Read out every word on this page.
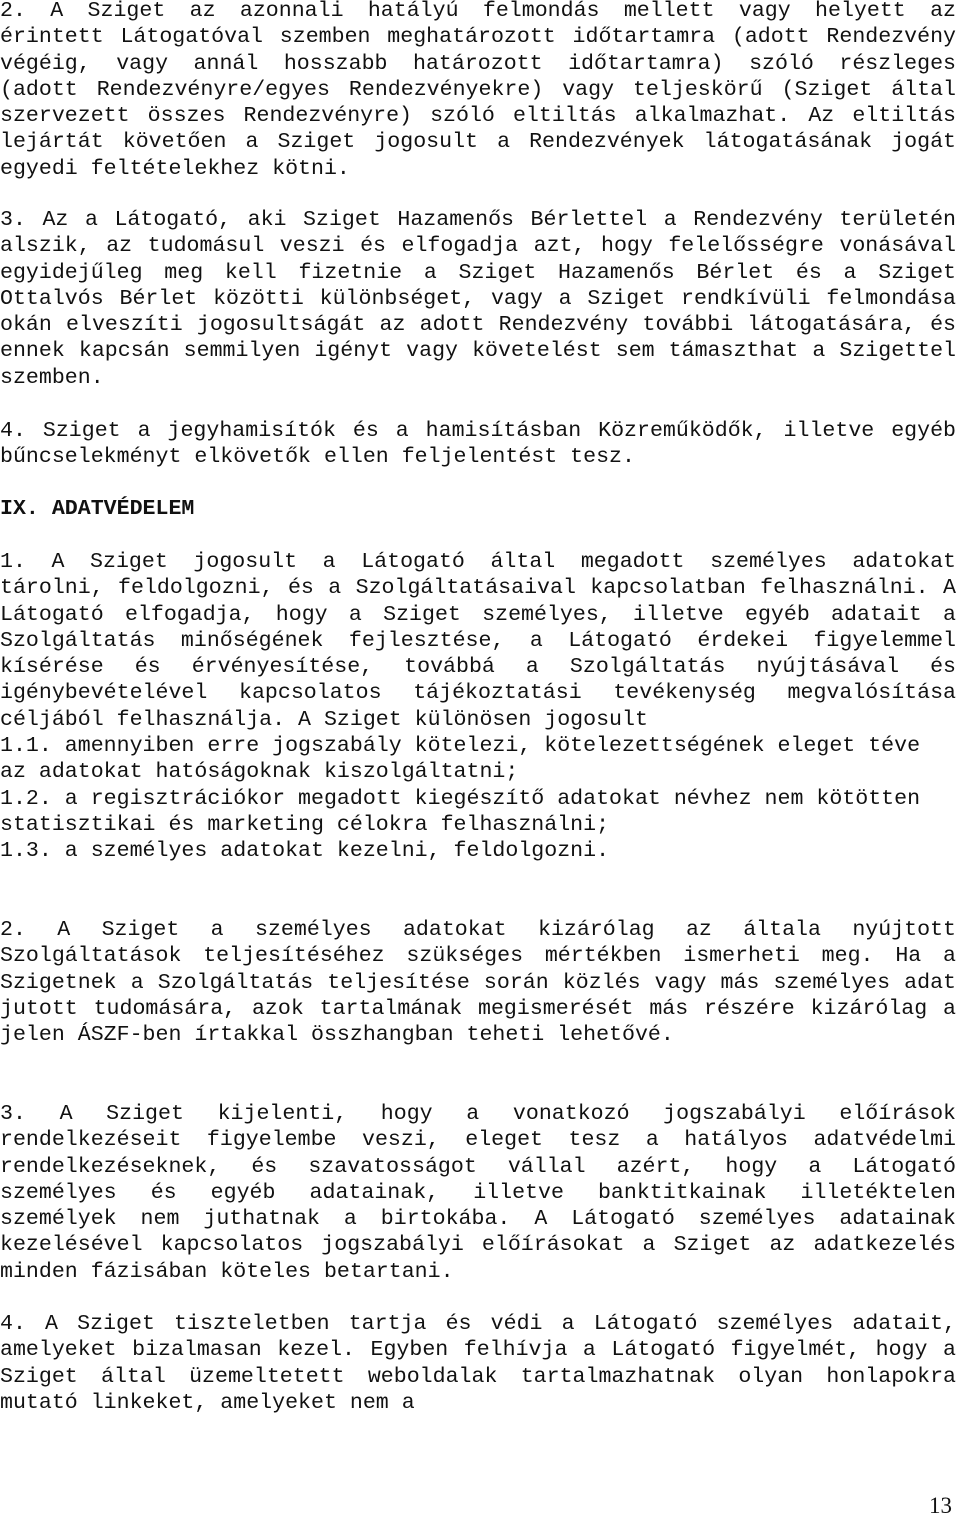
2. A Sziget az azonnali hatályú felmondás mellett vagy helyett az érintett Látogatóval szemben meghatározott időtartamra (adott Rendezvény végéig, vagy annál hosszabb határozott időtartamra) szóló részleges (adott Rendezvényre/egyes Rendezvényekre) vagy teljeskörű (Sziget által szervezett összes Rendezvényre) szóló eltiltás alkalmazhat. Az eltiltás lejártát követően a Sziget jogosult a Rendezvények látogatásának jogát egyedi feltételekhez kötni.

3. Az a Látogató, aki Sziget Hazamenős Bérlettel a Rendezvény területén alszik, az tudomásul veszi és elfogadja azt, hogy felelősségre vonásával egyidejűleg meg kell fizetnie a Sziget Hazamenős Bérlet és a Sziget Ottalvós Bérlet közötti különbséget, vagy a Sziget rendkívüli felmondása okán elveszíti jogosultságát az adott Rendezvény további látogatására, és ennek kapcsán semmilyen igényt vagy követelést sem támaszthat a Szigettel szemben.

4. Sziget a jegyhamisítók és a hamisításban Közreműködők, illetve egyéb bűncselekményt elkövetők ellen feljelentést tesz.

IX. ADATVÉDELEM

1. A Sziget jogosult a Látogató által megadott személyes adatokat tárolni, feldolgozni, és a Szolgáltatásaival kapcsolatban felhasználni. A Látogató elfogadja, hogy a Sziget személyes, illetve egyéb adatait a Szolgáltatás minőségének fejlesztése, a Látogató érdekei figyelemmel kísérése és érvényesítése, továbbá a Szolgáltatás nyújtásával és igénybevételével kapcsolatos tájékoztatási tevékenység megvalósítása céljából felhasználja. A Sziget különösen jogosult

1.1. amennyiben erre jogszabály kötelezi, kötelezettségének eleget téve az adatokat hatóságoknak kiszolgáltatni;

1.2. a regisztrációkor megadott kiegészítő adatokat névhez nem kötötten statisztikai és marketing célokra felhasználni;

1.3. a személyes adatokat kezelni, feldolgozni.

2. A Sziget a személyes adatokat kizárólag az általa nyújtott Szolgáltatások teljesítéséhez szükséges mértékben ismerheti meg. Ha a Szigetnek a Szolgáltatás teljesítése során közlés vagy más személyes adat jutott tudomására, azok tartalmának megismerését más részére kizárólag a jelen ÁSZF-ben írtakkal összhangban teheti lehetővé.

3. A Sziget kijelenti, hogy a vonatkozó jogszabályi előírások rendelkezéseit figyelembe veszi, eleget tesz a hatályos adatvédelmi rendelkezéseknek, és szavatosságot vállal azért, hogy a Látogató személyes és egyéb adatainak, illetve banktitkainak illetéktelen személyek nem juthatnak a birtokába. A Látogató személyes adatainak kezelésével kapcsolatos jogszabályi előírásokat a Sziget az adatkezelés minden fázisában köteles betartani.

4. A Sziget tiszteletben tartja és védi a Látogató személyes adatait, amelyeket bizalmasan kezel. Egyben felhívja a Látogató figyelmét, hogy a Sziget által üzemeltetett weboldalak tartalmazhatnak olyan honlapokra mutató linkeket, amelyeket nem a

13
